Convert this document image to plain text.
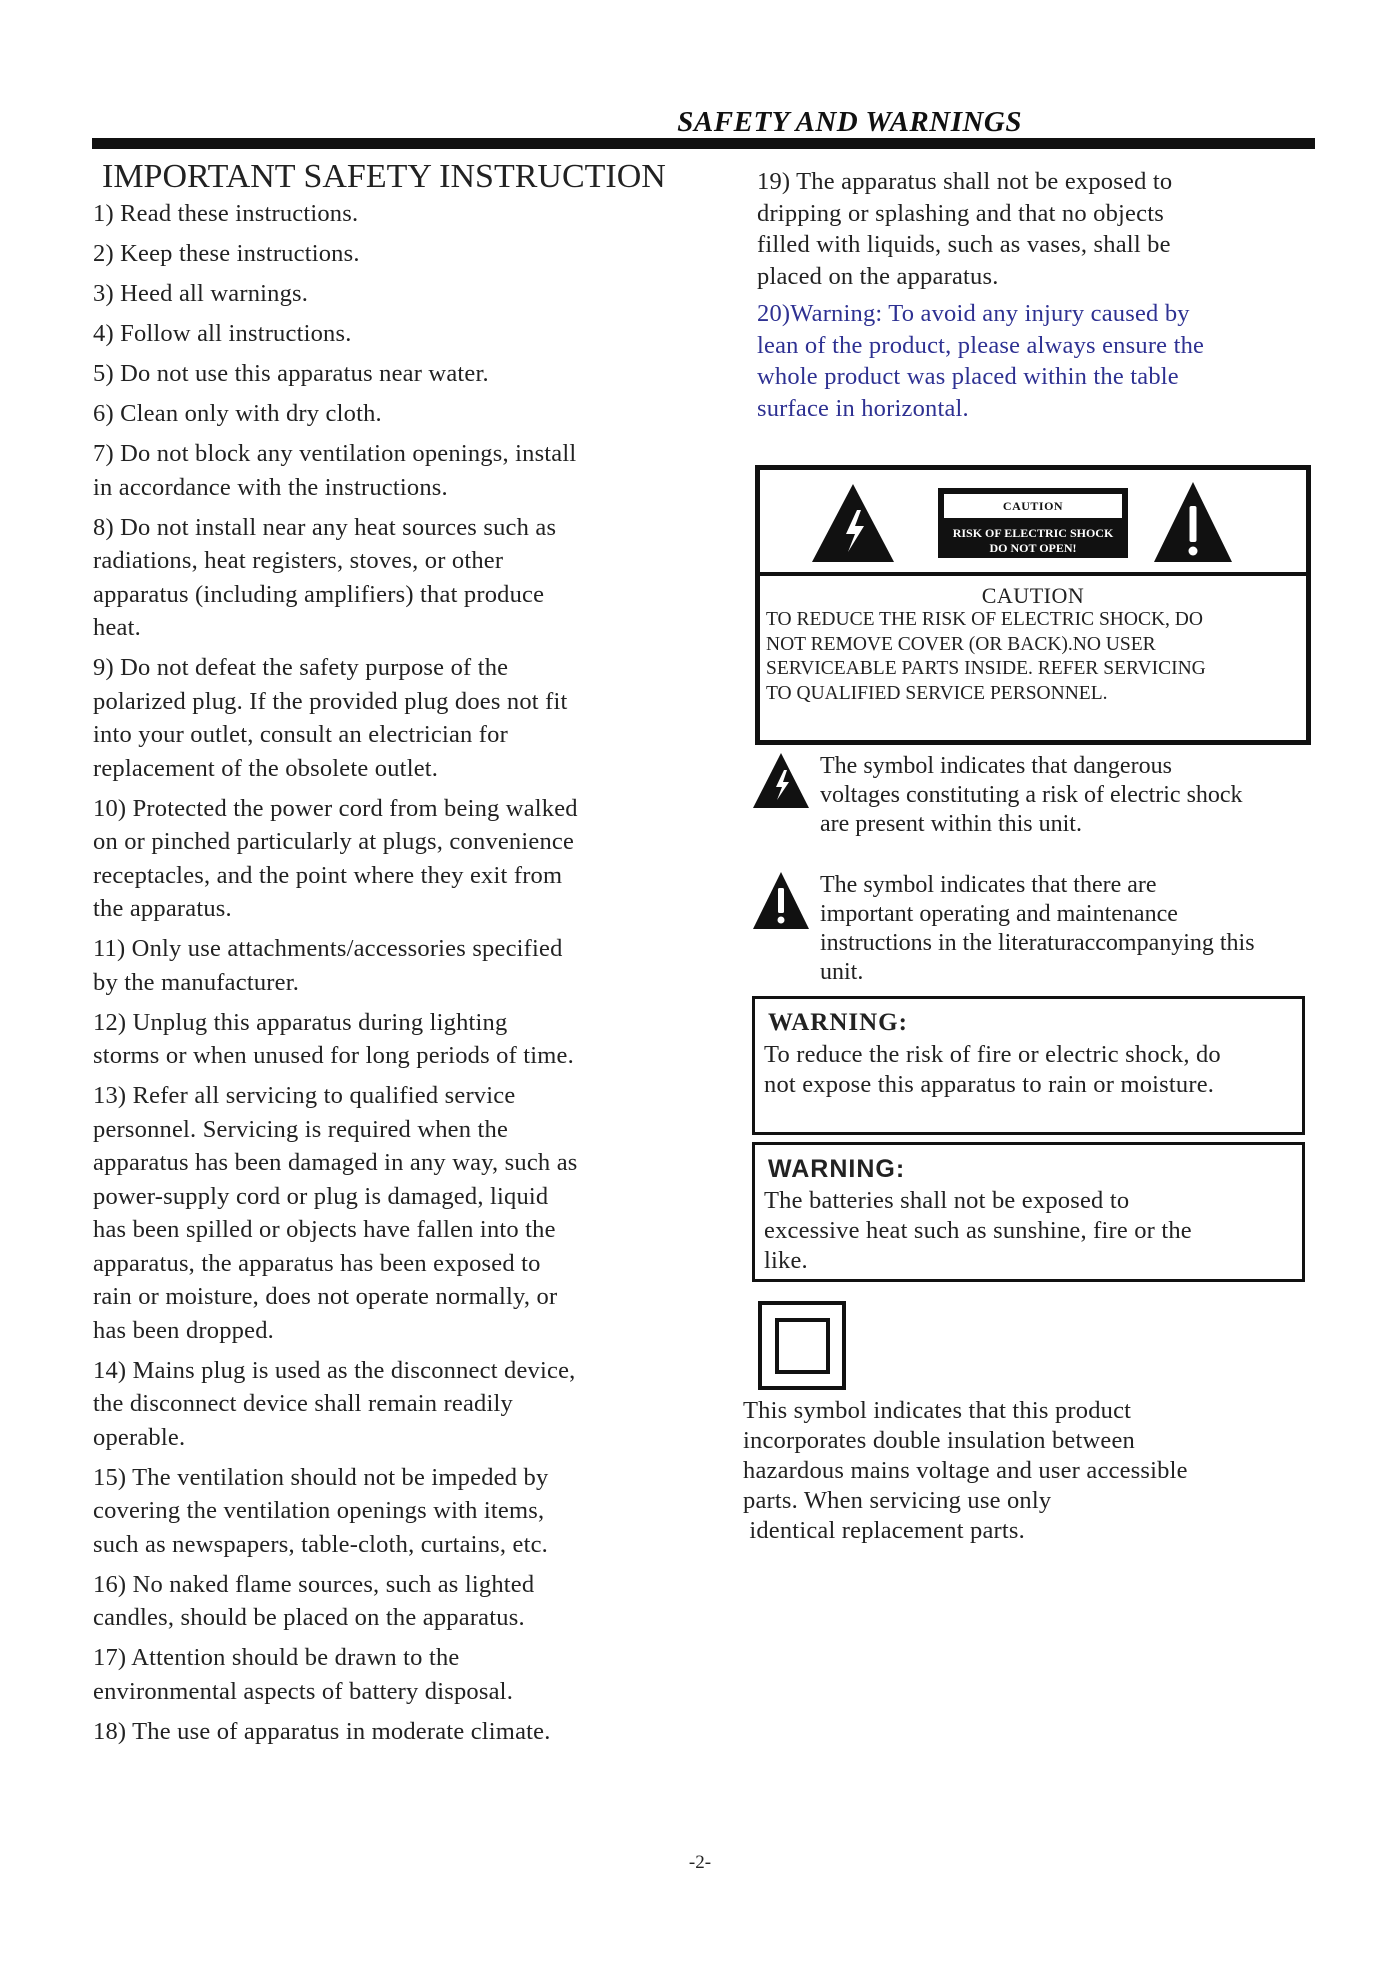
SAFETY AND WARNINGS
IMPORTANT SAFETY INSTRUCTION
1) Read these instructions.
2) Keep these instructions.
3) Heed all warnings.
4) Follow all instructions.
5) Do not use this apparatus near water.
6) Clean only with dry cloth.
7) Do not block any ventilation openings, install
in accordance with the instructions.
8) Do not install near any heat sources such as
radiations, heat registers, stoves, or other
apparatus (including amplifiers) that produce
heat.
9) Do not defeat the safety purpose of the
polarized plug. If the provided plug does not fit
into your outlet, consult an electrician for
replacement of the obsolete outlet.
10) Protected the power cord from being walked
on or pinched particularly at plugs, convenience
receptacles, and the point where they exit from
the apparatus.
11) Only use attachments/accessories specified
by the manufacturer.
12) Unplug this apparatus during lighting
storms or when unused for long periods of time.
13) Refer all servicing to qualified service
personnel. Servicing is required when the
apparatus has been damaged in any way, such as
power-supply cord or plug is damaged, liquid
has been spilled or objects have fallen into the
apparatus, the apparatus has been exposed to
rain or moisture, does not operate normally, or
has been dropped.
14) Mains plug is used as the disconnect device,
the disconnect device shall remain readily
operable.
15) The ventilation should not be impeded by
covering the ventilation openings with items,
such as newspapers, table-cloth, curtains, etc.
16) No naked flame sources, such as lighted
candles, should be placed on the apparatus.
17) Attention should be drawn to the
environmental aspects of battery disposal.
18) The use of apparatus in moderate climate.

19) The apparatus shall not be exposed to
dripping or splashing and that no objects
filled with liquids, such as vases, shall be
placed on the apparatus.

20)Warning: To avoid any injury caused by
lean of the product, please always ensure the
whole product was placed within the table
surface in horizontal.

CAUTION
RISK OF ELECTRIC SHOCK
DO NOT OPEN!
CAUTION
TO REDUCE THE RISK OF ELECTRIC SHOCK, DO
NOT REMOVE COVER (OR BACK).NO USER
SERVICEABLE PARTS INSIDE. REFER SERVICING
TO QUALIFIED SERVICE PERSONNEL.
The symbol indicates that dangerous
voltages constituting a risk of electric shock
are present within this unit.
The symbol indicates that there are
important operating and maintenance
instructions in the literaturaccompanying this
unit.
WARNING:
To reduce the risk of fire or electric shock, do
not expose this apparatus to rain or moisture.
WARNING:
The batteries shall not be exposed to
excessive heat such as sunshine, fire or the
like.

This symbol indicates that this product

incorporates double insulation between

hazardous mains voltage and user accessible

parts. When servicing use only

identical replacement parts.

-2-
